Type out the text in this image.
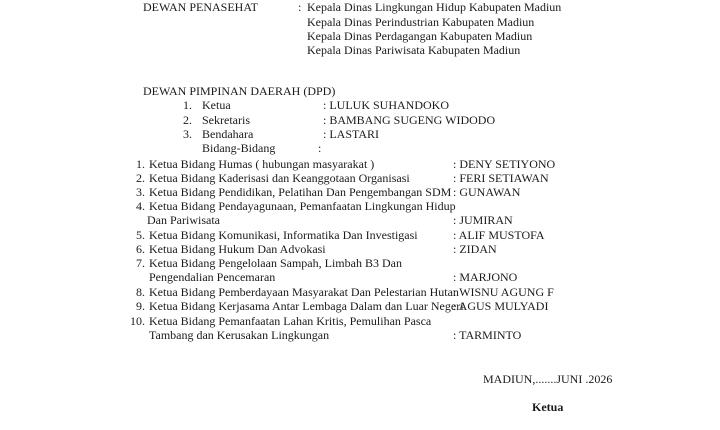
DEWAN PENASEHAT	: Kepala Dinas Lingkungan Hidup Kabupaten Madiun
Kepala Dinas Perindustrian Kabupaten Madiun
Kepala Dinas Perdagangan Kabupaten Madiun
Kepala Dinas Pariwisata Kabupaten Madiun
DEWAN PIMPINAN DAERAH (DPD)
1. Ketua	: LULUK SUHANDOKO
2. Sekretaris	: BAMBANG SUGENG WIDODO
3. Bendahara	: LASTARI
Bidang-Bidang	:
1. Ketua Bidang Humas ( hubungan masyarakat )	: DENY SETIYONO
2. Ketua Bidang Kaderisasi dan Keanggotaan Organisasi	: FERI SETIAWAN
3. Ketua Bidang Pendidikan, Pelatihan Dan Pengembangan SDM : GUNAWAN
4. Ketua Bidang Pendayagunaan, Pemanfaatan Lingkungan Hidup
Dan Pariwisata	: JUMIRAN
5. Ketua Bidang Komunikasi, Informatika Dan Investigasi	: ALIF MUSTOFA
6. Ketua Bidang Hukum Dan Advokasi	: ZIDAN
7. Ketua Bidang Pengelolaan Sampah, Limbah B3 Dan
Pengendalian Pencemaran	: MARJONO
8. Ketua Bidang Pemberdayaan Masyarakat Dan Pelestarian Hutan
: WISNU AGUNG F
9. Ketua Bidang Kerjasama Antar Lembaga Dalam dan Luar Negeri
: AGUS MULYADI
10. Ketua Bidang Pemanfaatan Lahan Kritis, Pemulihan Pasca
Tambang dan Kerusakan Lingkungan	: TARMINTO
MADIUN,.......JUNI .2026
Ketua
